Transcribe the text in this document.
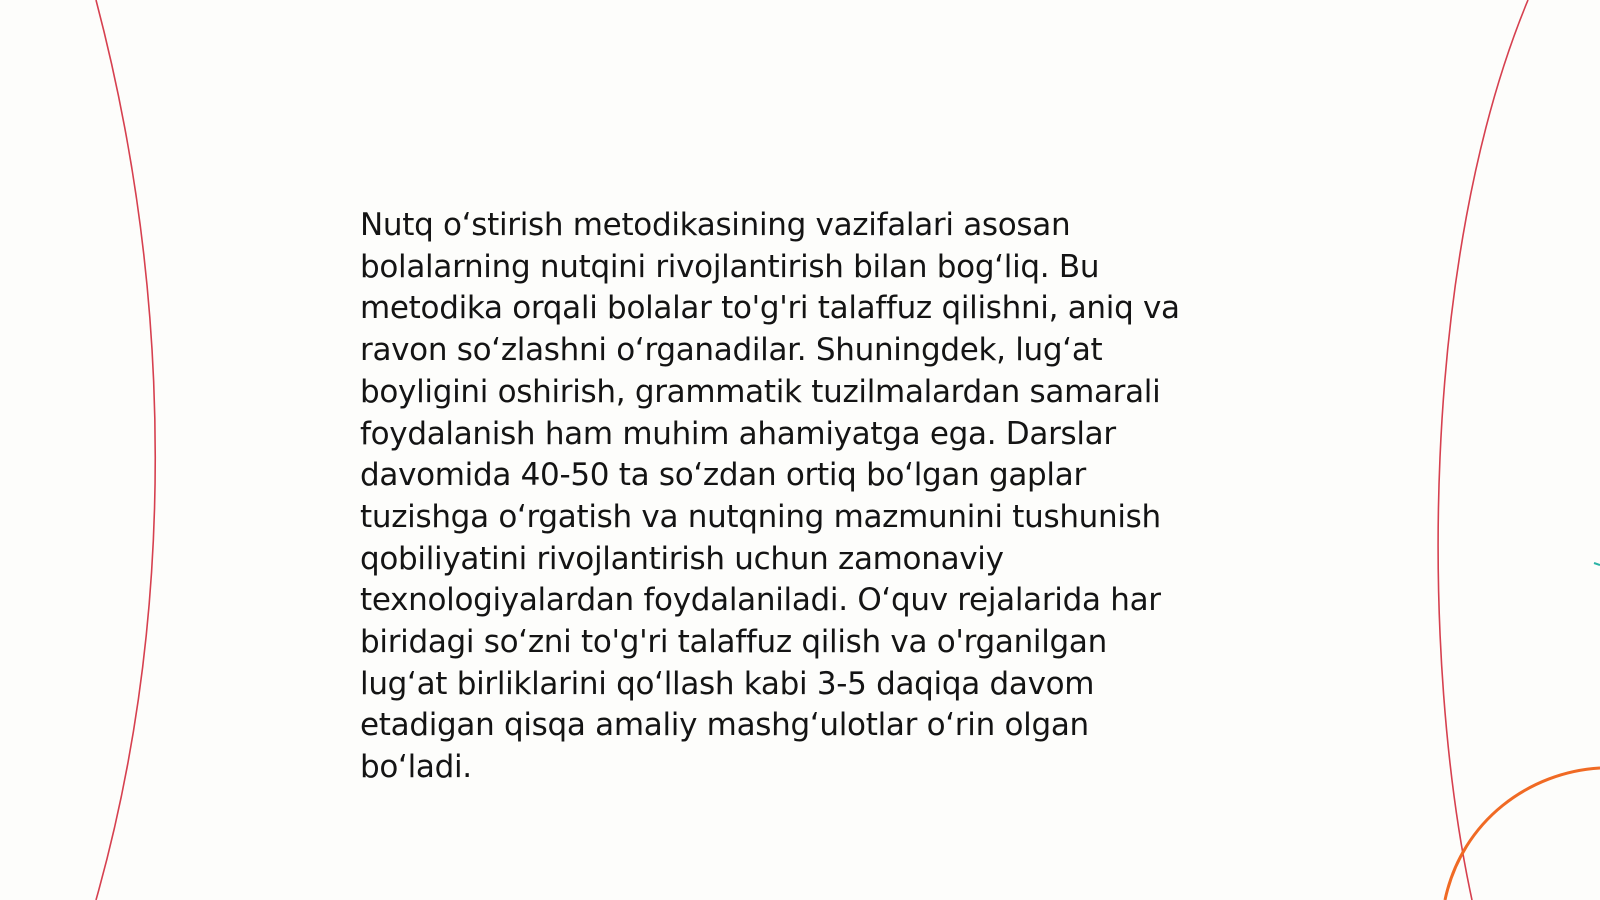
Nutq o‘stirish metodikasining vazifalari asosan
bolalarning nutqini rivojlantirish bilan bog‘liq. Bu
metodika orqali bolalar to'g'ri talaffuz qilishni, aniq va
ravon so‘zlashni o‘rganadilar. Shuningdek, lug‘at
boyligini oshirish, grammatik tuzilmalardan samarali
foydalanish ham muhim ahamiyatga ega. Darslar
davomida 40-50 ta so‘zdan ortiq bo‘lgan gaplar
tuzishga o‘rgatish va nutqning mazmunini tushunish
qobiliyatini rivojlantirish uchun zamonaviy
texnologiyalardan foydalaniladi. O‘quv rejalarida har
biridagi so‘zni to'g'ri talaffuz qilish va o'rganilgan
lug‘at birliklarini qo‘llash kabi 3-5 daqiqa davom
etadigan qisqa amaliy mashg‘ulotlar o‘rin olgan
bo‘ladi.
